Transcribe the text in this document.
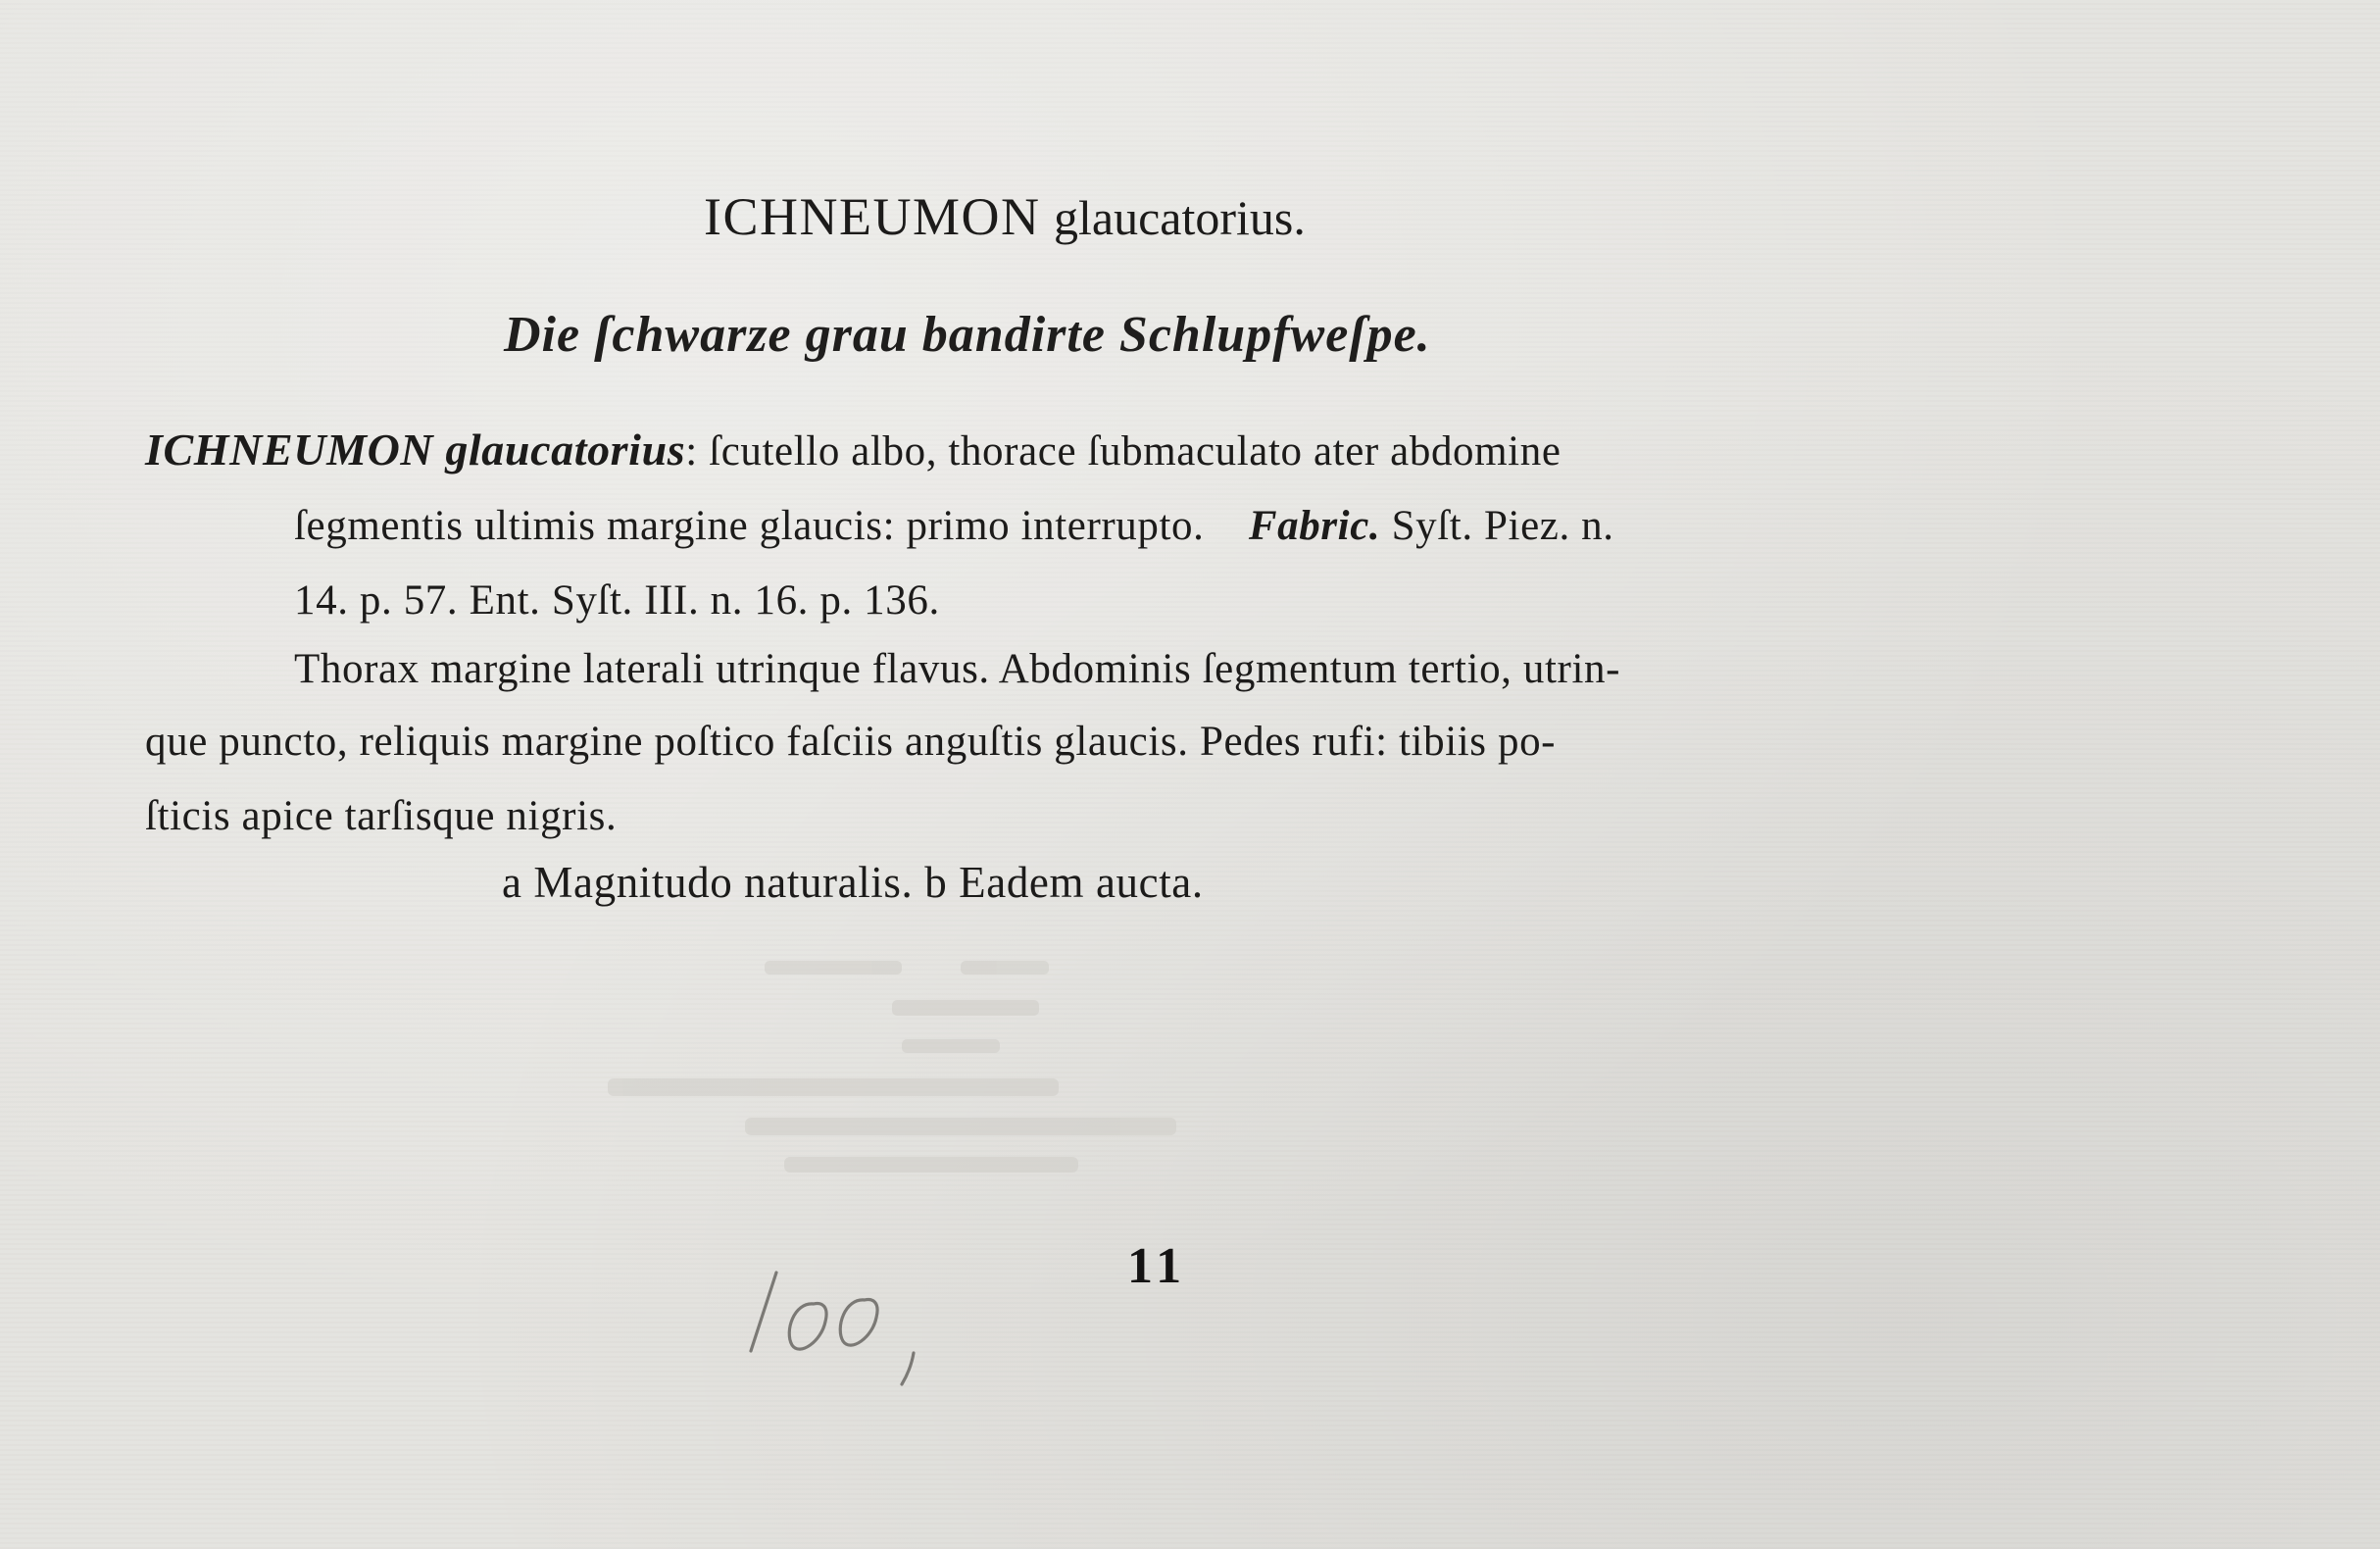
ICHNEUMON glaucatorius.
Die ſchwarze grau bandirte Schlupfweſpe.
ICHNEUMON glaucatorius: ſcutello albo, thorace ſubmaculato ater abdomine
ſegmentis ultimis margine glaucis: primo interrupto. Fabric. Syſt. Piez. n.
14. p. 57. Ent. Syſt. III. n. 16. p. 136.
Thorax margine laterali utrinque flavus. Abdominis ſegmentum tertio, utrin-
que puncto, reliquis margine poſtico faſciis anguſtis glaucis. Pedes rufi: tibiis po-
ſticis apice tarſisque nigris.
a Magnitudo naturalis. b Eadem aucta.
11
